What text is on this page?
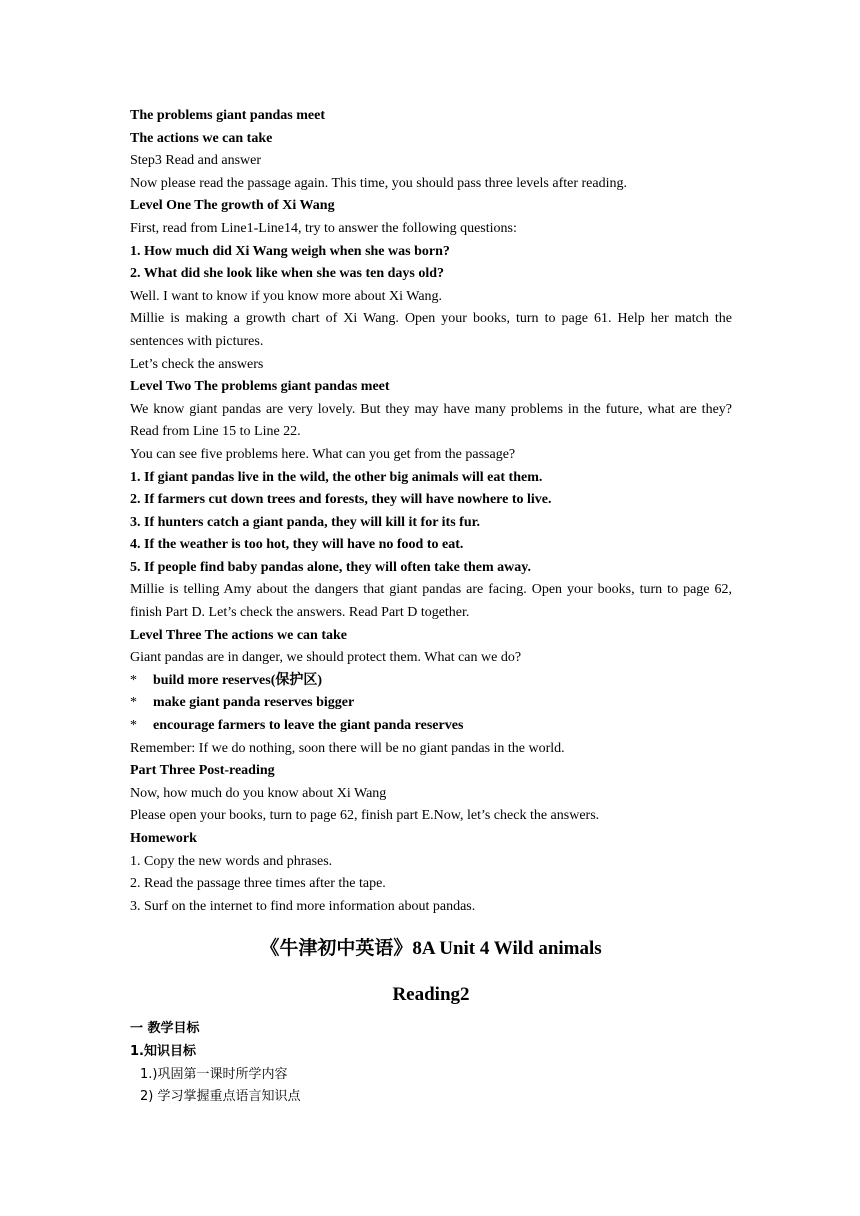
The problems giant pandas meet

The actions we can take

Step3 Read and answer

Now please read the passage again. This time, you should pass three levels after reading.

Level One The growth of Xi Wang

First, read from Line1-Line14, try to answer the following questions:

1. How much did Xi Wang weigh when she was born?

2. What did she look like when she was ten days old?

Well. I want to know if you know more about Xi Wang.

Millie is making a growth chart of Xi Wang. Open your books, turn to page 61. Help her match the sentences with pictures.

Let’s check the answers

Level Two The problems giant pandas meet

We know giant pandas are very lovely. But they may have many problems in the future, what are they? Read from Line 15 to Line 22.

You can see five problems here. What can you get from the passage?

1. If giant pandas live in the wild, the other big animals will eat them.

2. If farmers cut down trees and forests, they will have nowhere to live.

3. If hunters catch a giant panda, they will kill it for its fur.

4. If the weather is too hot, they will have no food to eat.

5. If people find baby pandas alone, they will often take them away.

Millie is telling Amy about the dangers that giant pandas are facing. Open your books, turn to page 62, finish Part D. Let’s check the answers. Read Part D together.

Level Three The actions we can take

Giant pandas are in danger, we should protect them. What can we do?

* build more reserves(保护区)

* make giant panda reserves bigger

* encourage farmers to leave the giant panda reserves

Remember: If we do nothing, soon there will be no giant pandas in the world.

Part Three Post-reading

Now, how much do you know about Xi Wang

Please open your books, turn to page 62, finish part E.Now, let’s check the answers.

Homework

1. Copy the new words and phrases.

2. Read the passage three times after the tape.

3. Surf on the internet to find more information about pandas.

《牛津初中英语》8A Unit 4 Wild animals

Reading2

一 教学目标

1.知识目标

1.)巩固第一课时所学内容

2) 学习掌握重点语言知识点
